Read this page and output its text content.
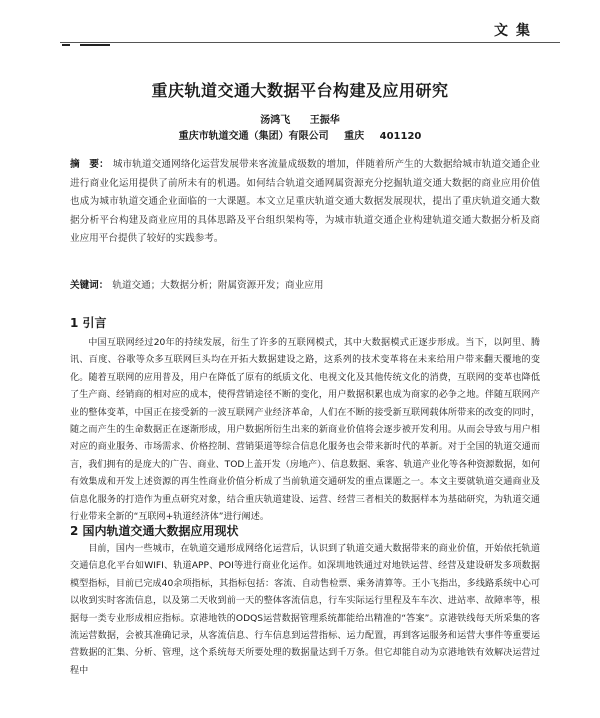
文集
重庆轨道交通大数据平台构建及应用研究
汤鸿飞 王振华
重庆市轨道交通（集团）有限公司 重庆 401120
摘　要： 城市轨道交通网络化运营发展带来客流量成级数的增加，伴随着所产生的大数据给城市轨道交通企业进行商业化运用提供了前所未有的机遇。如何结合轨道交通网属资源充分挖掘轨道交通大数据的商业应用价值也成为城市轨道交通企业面临的一大课题。本文立足重庆轨道交通大数据发展现状，提出了重庆轨道交通大数据分析平台构建及商业应用的具体思路及平台组织架构等，为城市轨道交通企业构建轨道交通大数据分析及商业应用平台提供了较好的实践参考。
关键词： 轨道交通；大数据分析；附属资源开发；商业应用
1 引言

中国互联网经过20年的持续发展，衍生了许多的互联网模式，其中大数据模式正逐步形成。当下，以阿里、腾讯、百度、谷歌等众多互联网巨头均在开拓大数据建设之路，这系列的技术变革将在未来给用户带来翻天覆地的变化。随着互联网的应用普及，用户在降低了原有的纸质文化、电视文化及其他传统文化的消费，互联网的变革也降低了生产商、经销商的相对应的成本，使得营销途径不断的变化，用户数据积累也成为商家的必争之地。伴随互联网产业的整体变革，中国正在接受新的一波互联网产业经济革命，人们在不断的接受新互联网载体所带来的改变的同时，随之而产生的生命数据正在逐渐形成，用户数据所衍生出来的新商业价值将会逐步被开发利用。从而会导致与用户相对应的商业服务、市场需求、价格控制、营销渠道等综合信息化服务也会带来新时代的革新。对于全国的轨道交通而言，我们拥有的是庞大的广告、商业、TOD上盖开发（房地产）、信息数据、乘客、轨道产业化等各种资源数据，如何有效集成和开发上述资源的再生性商业价值分析成了当前轨道交通研发的重点课题之一。本文主要就轨道交通商业及信息化服务的打造作为重点研究对象，结合重庆轨道建设、运营、经营三者相关的数据样本为基础研究，为轨道交通行业带来全新的“互联网+轨道经济体”进行阐述。

2 国内轨道交通大数据应用现状

目前，国内一些城市，在轨道交通形成网络化运营后，认识到了轨道交通大数据带来的商业价值，开始依托轨道交通信息化平台如WIFI、轨道APP、POI等进行商业化运作。如深圳地铁通过对地铁运营、经营及建设研发多项数据模型指标，目前已完成40余项指标，其指标包括：客流、自动售检票、乘务清算等。王小飞指出，多线路系统中心可以收到实时客流信息，以及第二天收到前一天的整体客流信息，行车实际运行里程及车车次、进站率、故障率等，根据每一类专业形成相应指标。京港地铁的ODQS运营数据管理系统都能给出精准的“答案”。京港铁线每天所采集的客流运营数据，会被其准确记录，从客流信息、行车信息到运营指标、运力配置，再到客运服务和运营大事件等重要运营数据的汇集、分析、管理，这个系统每天所要处理的数据量达到千万条。但它却能自动为京港地铁有效解决运营过程中
